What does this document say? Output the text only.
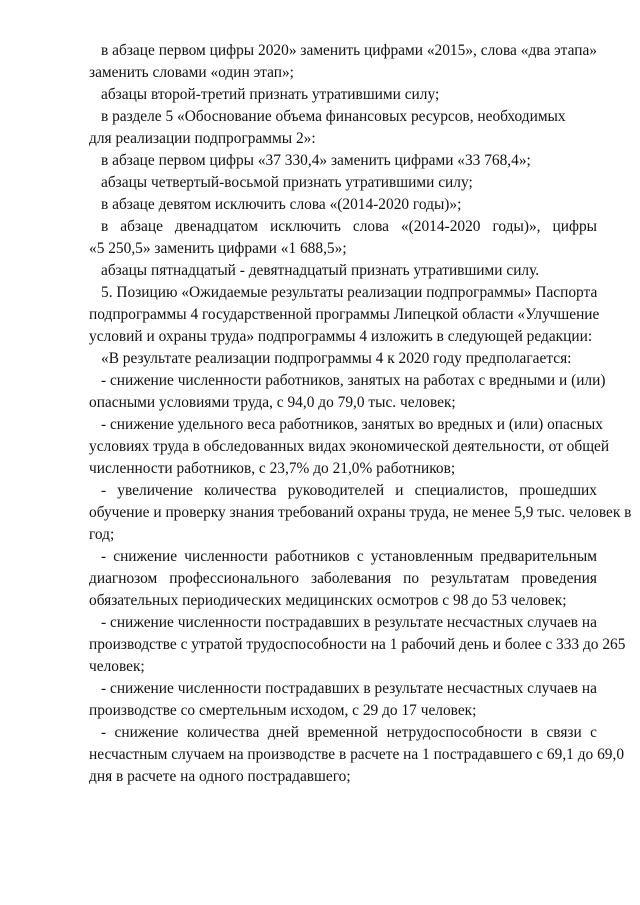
в абзаце первом цифры 2020» заменить цифрами «2015», слова «два этапа»
заменить словами «один этап»;
абзацы второй-третий признать утратившими силу;
в разделе 5 «Обоснование объема финансовых ресурсов, необходимых
для реализации подпрограммы 2»:
в абзаце первом цифры «37 330,4» заменить цифрами «33 768,4»;
абзацы четвертый-восьмой признать утратившими силу;
в абзаце девятом исключить слова «(2014-2020 годы)»;
в абзаце двенадцатом исключить слова «(2014-2020 годы)», цифры
«5 250,5» заменить цифрами «1 688,5»;
абзацы пятнадцатый - девятнадцатый признать утратившими силу.
5. Позицию «Ожидаемые результаты реализации подпрограммы» Паспорта
подпрограммы 4 государственной программы Липецкой области «Улучшение
условий и охраны труда» подпрограммы 4 изложить в следующей редакции:
«В результате реализации подпрограммы 4 к 2020 году предполагается:
- снижение численности работников, занятых на работах с вредными и (или)
опасными условиями труда, с 94,0 до 79,0 тыс. человек;
- снижение удельного веса работников, занятых во вредных и (или) опасных
условиях труда в обследованных видах экономической деятельности, от общей
численности работников, с 23,7% до 21,0% работников;
- увеличение количества руководителей и специалистов, прошедших
обучение и проверку знания требований охраны труда, не менее 5,9 тыс. человек в
год;
- снижение численности работников с установленным предварительным
диагнозом профессионального заболевания по результатам проведения
обязательных периодических медицинских осмотров с 98 до 53 человек;
- снижение численности пострадавших в результате несчастных случаев на
производстве с утратой трудоспособности на 1 рабочий день и более с 333 до 265
человек;
- снижение численности пострадавших в результате несчастных случаев на
производстве со смертельным исходом, с 29 до 17 человек;
- снижение количества дней временной нетрудоспособности в связи с
несчастным случаем на производстве в расчете на 1 пострадавшего с 69,1 до 69,0
дня в расчете на одного пострадавшего;
